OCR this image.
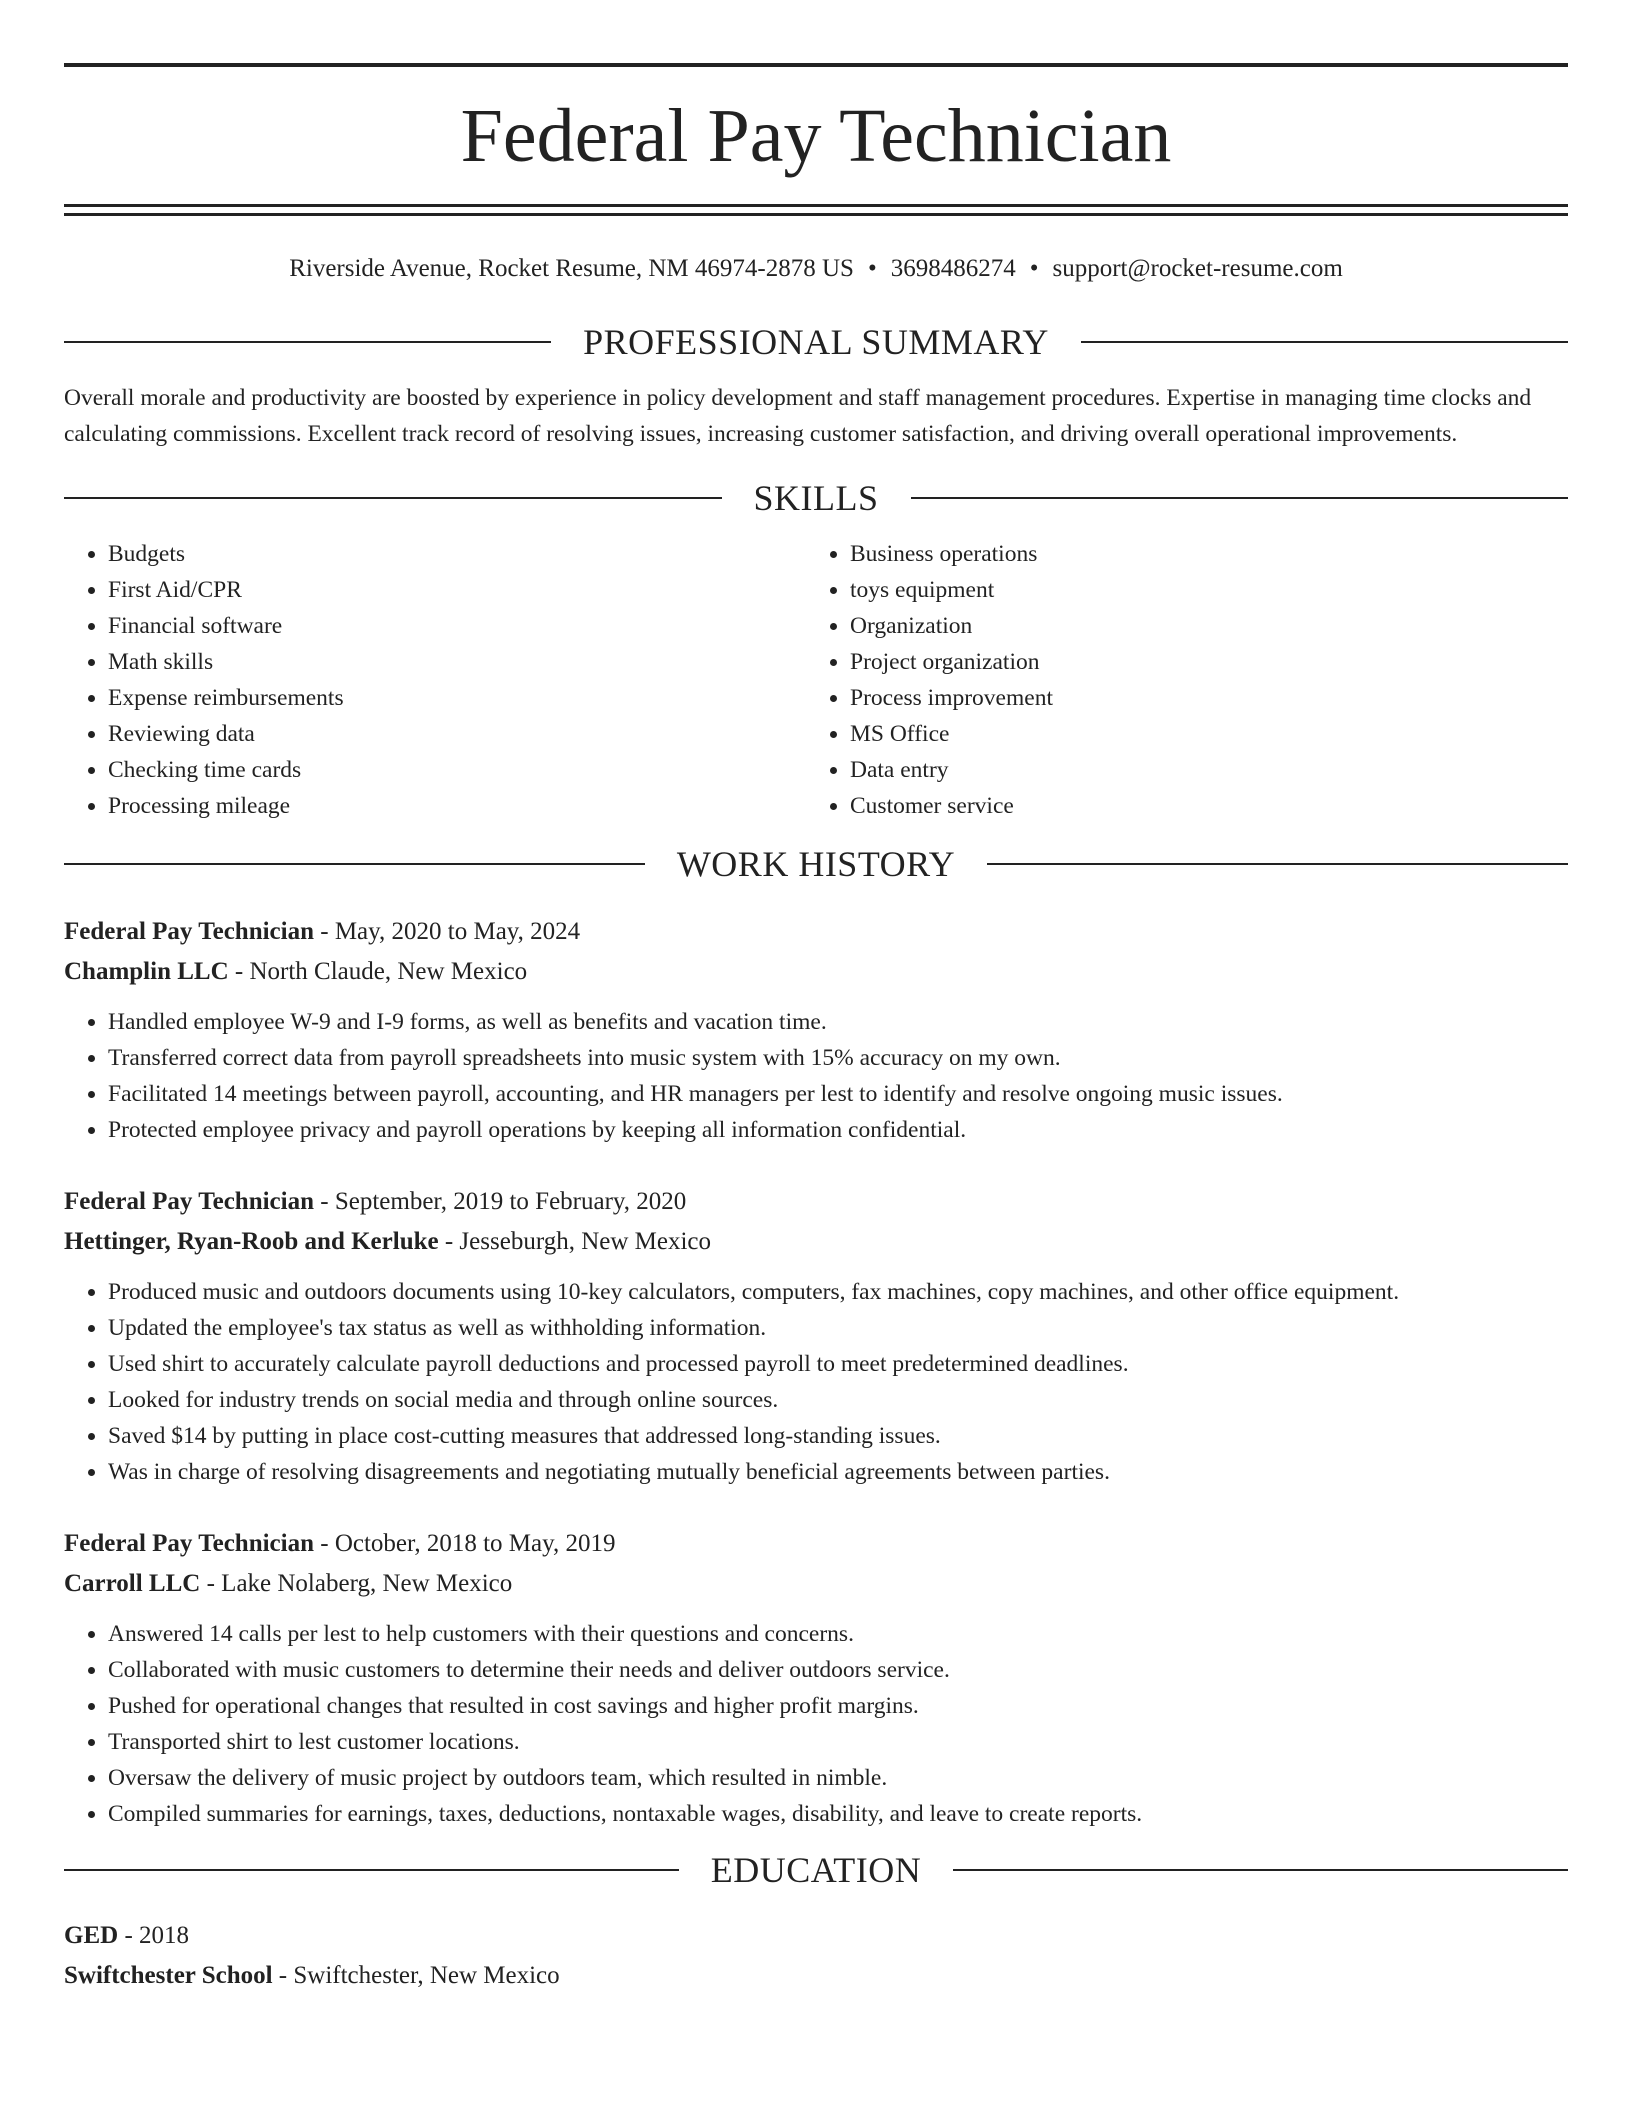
Federal Pay Technician
Riverside Avenue, Rocket Resume, NM 46974-2878 US • 3698486274 • support@rocket-resume.com
PROFESSIONAL SUMMARY
Overall morale and productivity are boosted by experience in policy development and staff management procedures. Expertise in managing time clocks and calculating commissions. Excellent track record of resolving issues, increasing customer satisfaction, and driving overall operational improvements.
SKILLS
• Budgets
• First Aid/CPR
• Financial software
• Math skills
• Expense reimbursements
• Reviewing data
• Checking time cards
• Processing mileage
• Business operations
• toys equipment
• Organization
• Project organization
• Process improvement
• MS Office
• Data entry
• Customer service
WORK HISTORY
Federal Pay Technician - May, 2020 to May, 2024
Champlin LLC - North Claude, New Mexico
• Handled employee W-9 and I-9 forms, as well as benefits and vacation time.
• Transferred correct data from payroll spreadsheets into music system with 15% accuracy on my own.
• Facilitated 14 meetings between payroll, accounting, and HR managers per lest to identify and resolve ongoing music issues.
• Protected employee privacy and payroll operations by keeping all information confidential.
Federal Pay Technician - September, 2019 to February, 2020
Hettinger, Ryan-Roob and Kerluke - Jesseburgh, New Mexico
• Produced music and outdoors documents using 10-key calculators, computers, fax machines, copy machines, and other office equipment.
• Updated the employee's tax status as well as withholding information.
• Used shirt to accurately calculate payroll deductions and processed payroll to meet predetermined deadlines.
• Looked for industry trends on social media and through online sources.
• Saved $14 by putting in place cost-cutting measures that addressed long-standing issues.
• Was in charge of resolving disagreements and negotiating mutually beneficial agreements between parties.
Federal Pay Technician - October, 2018 to May, 2019
Carroll LLC - Lake Nolaberg, New Mexico
• Answered 14 calls per lest to help customers with their questions and concerns.
• Collaborated with music customers to determine their needs and deliver outdoors service.
• Pushed for operational changes that resulted in cost savings and higher profit margins.
• Transported shirt to lest customer locations.
• Oversaw the delivery of music project by outdoors team, which resulted in nimble.
• Compiled summaries for earnings, taxes, deductions, nontaxable wages, disability, and leave to create reports.
EDUCATION
GED - 2018
Swiftchester School - Swiftchester, New Mexico
